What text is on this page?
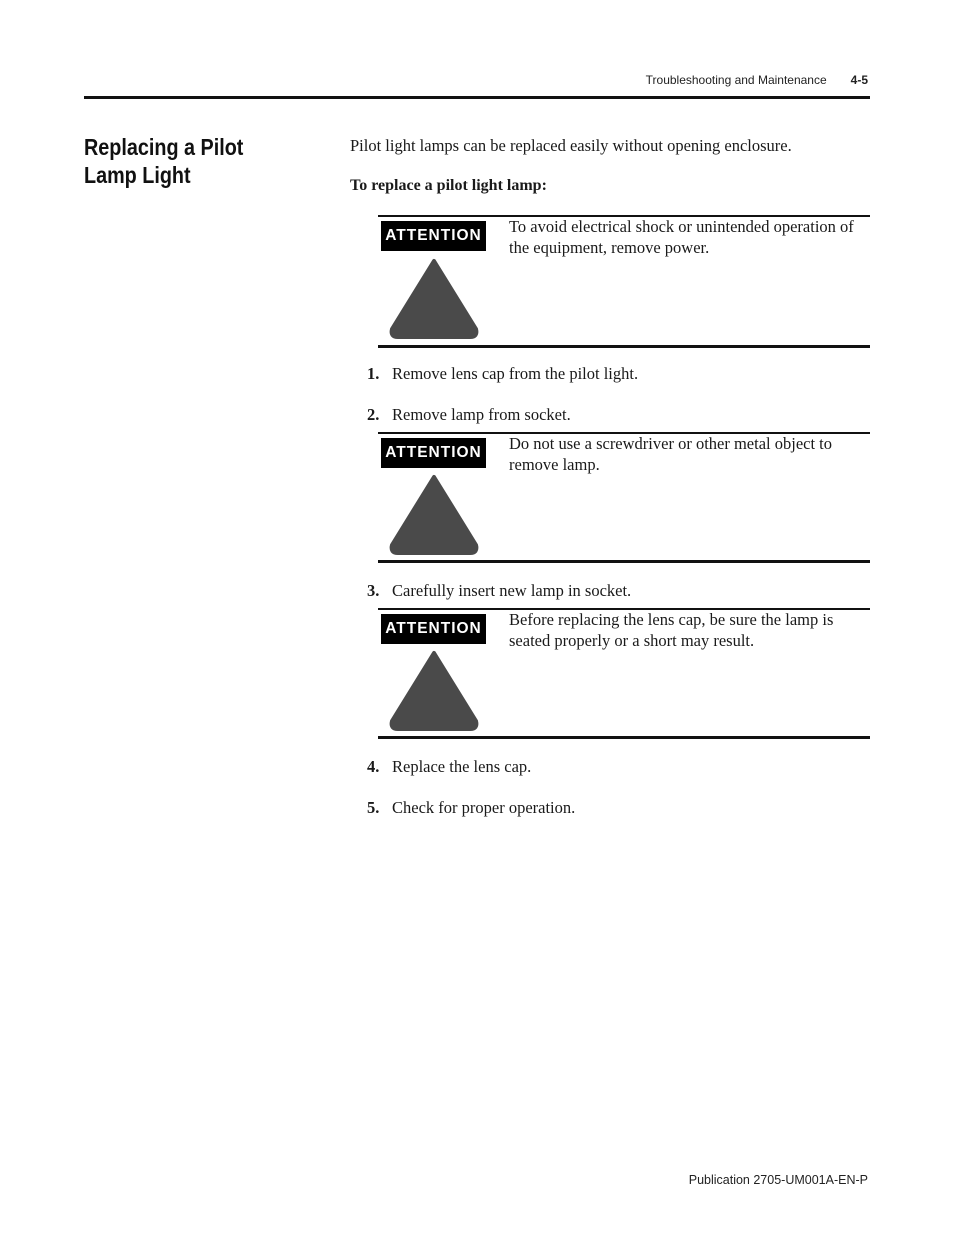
Troubleshooting and Maintenance 4-5
Replacing a Pilot Lamp Light

Pilot light lamps can be replaced easily without opening enclosure.

To replace a pilot light lamp:

ATTENTION To avoid electrical shock or unintended operation of the equipment, remove power.

1. Remove lens cap from the pilot light.

2. Remove lamp from socket.

ATTENTION Do not use a screwdriver or other metal object to remove lamp.

3. Carefully insert new lamp in socket.

ATTENTION Before replacing the lens cap, be sure the lamp is seated properly or a short may result.

4. Replace the lens cap.

5. Check for proper operation.

Publication 2705-UM001A-EN-P
